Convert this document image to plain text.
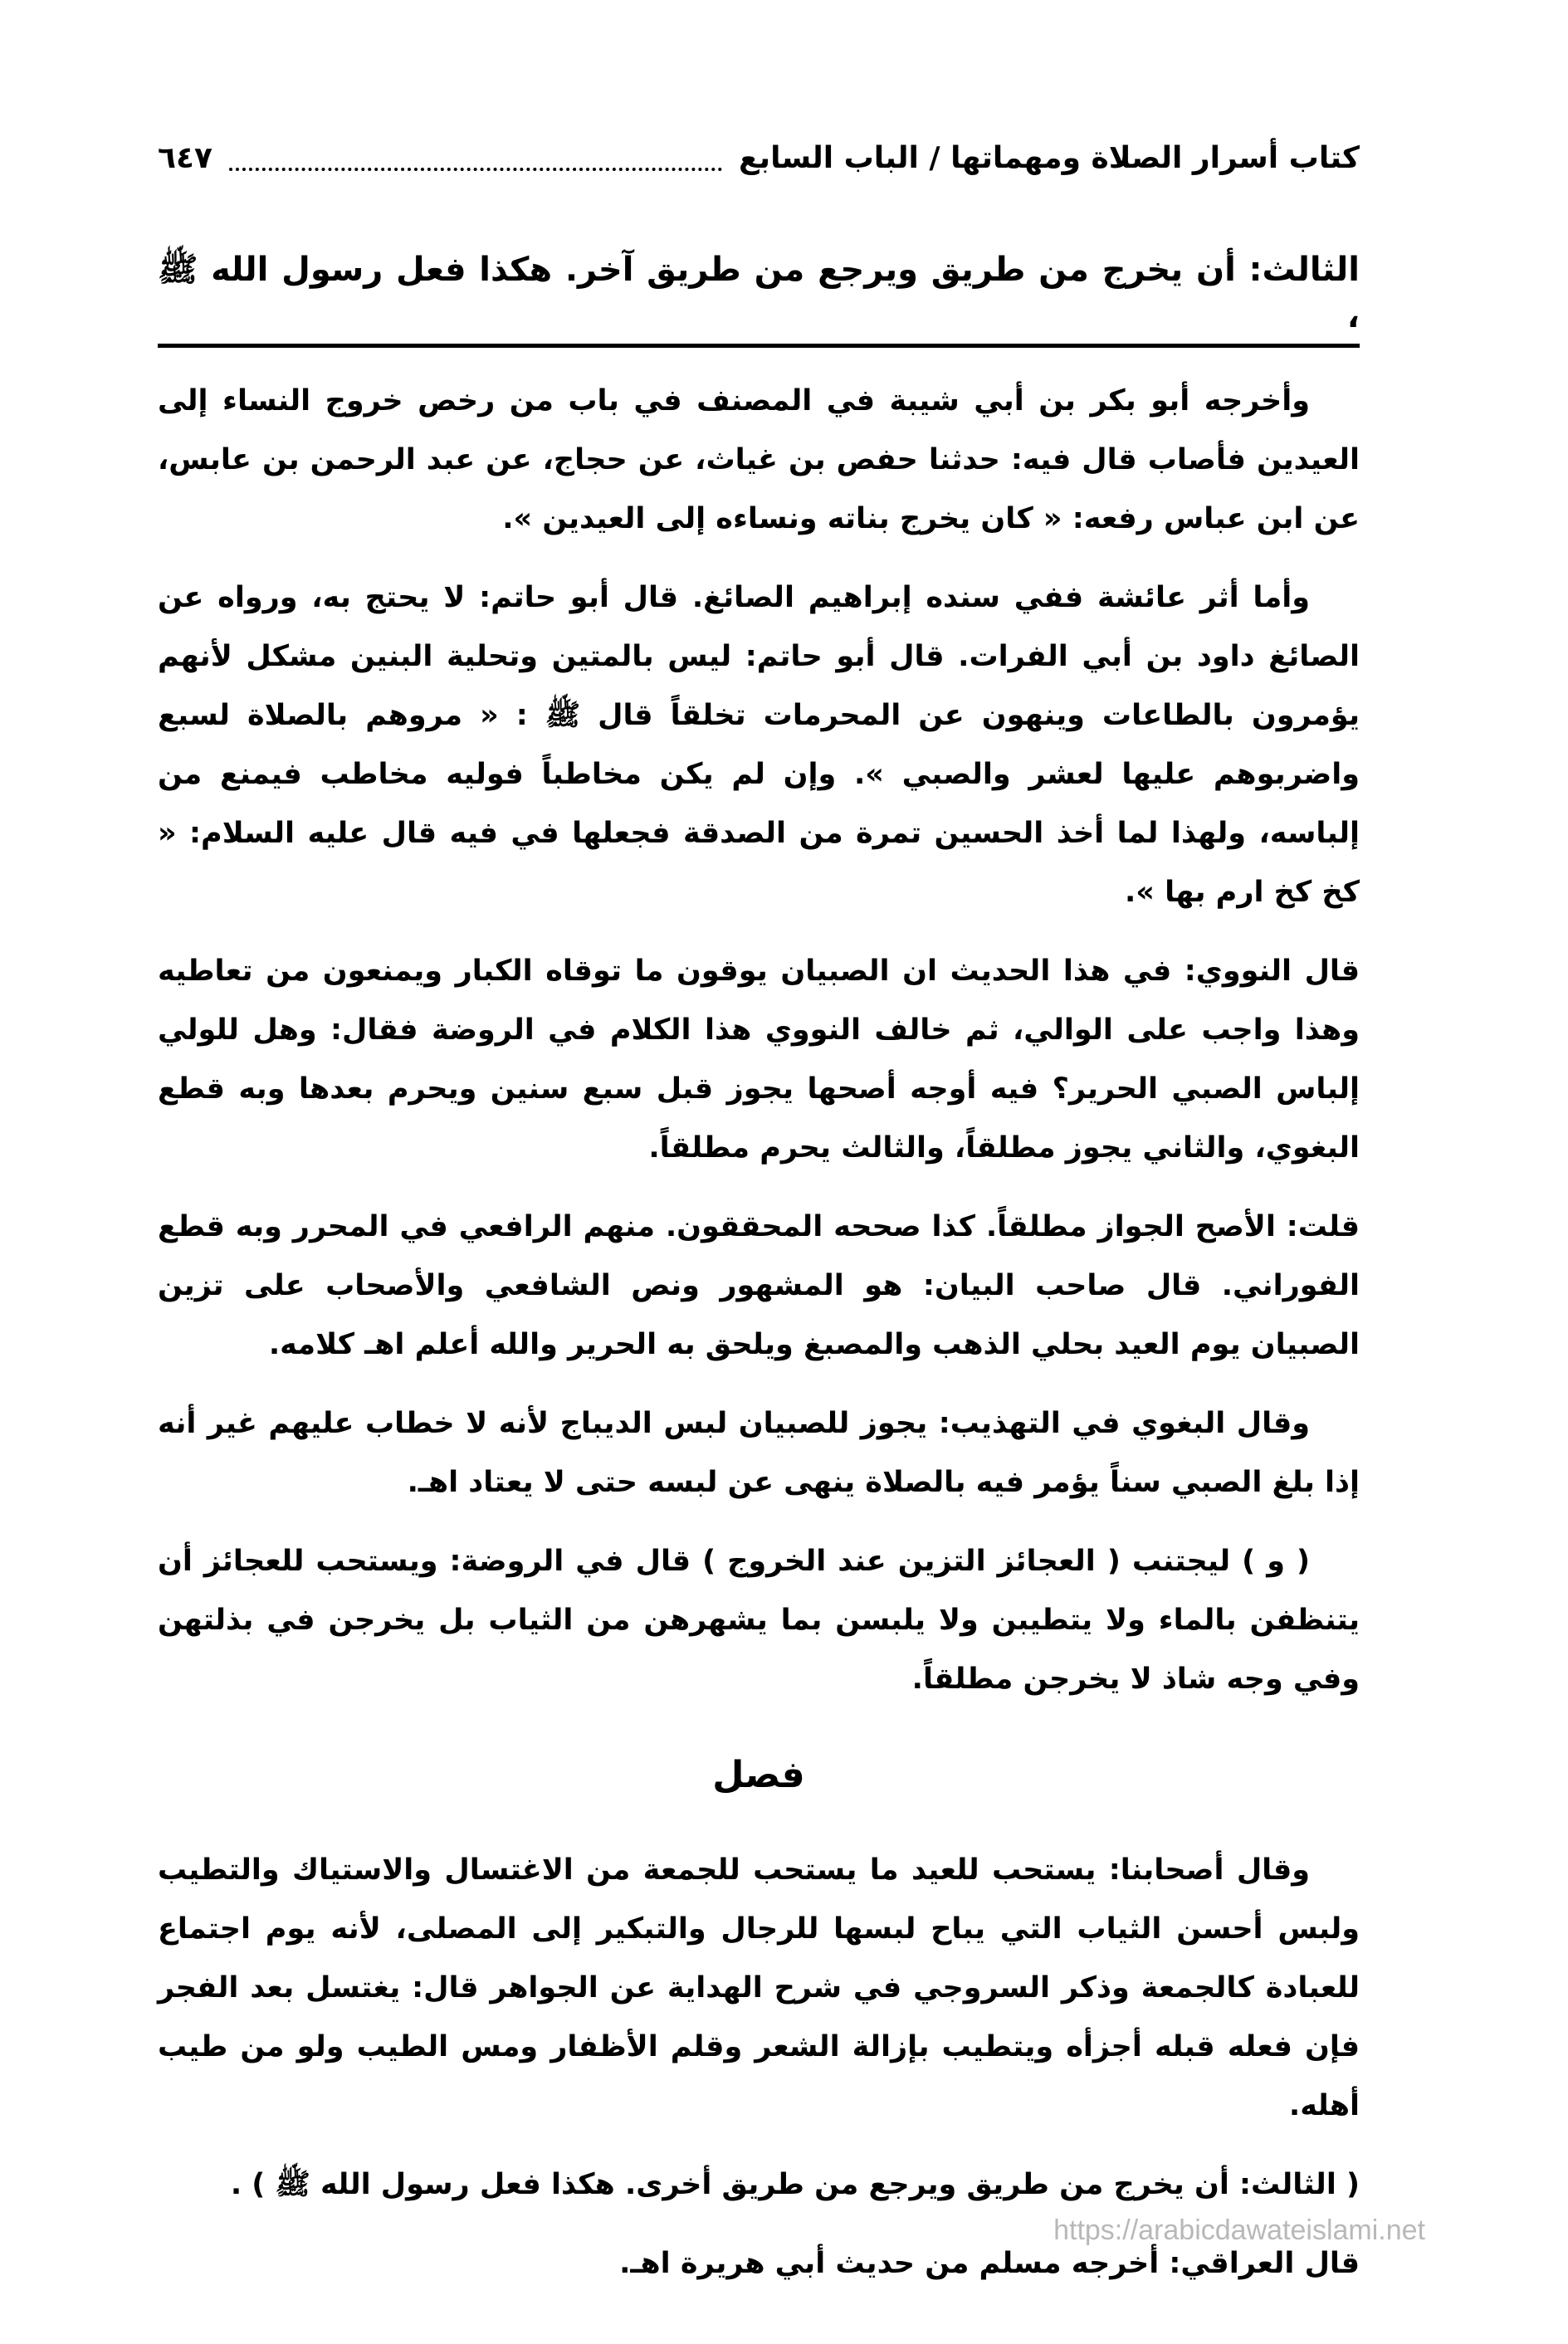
كتاب أسرار الصلاة ومهماتها / الباب السابع
٦٤٧
الثالث: أن يخرج من طريق ويرجع من طريق آخر. هكذا فعل رسول الله ﷺ ،

وأخرجه أبو بكر بن أبي شيبة في المصنف في باب من رخص خروج النساء إلى العيدين فأصاب قال فيه: حدثنا حفص بن غياث، عن حجاج، عن عبد الرحمن بن عابس، عن ابن عباس رفعه: « كان يخرج بناته ونساءه إلى العيدين ».

وأما أثر عائشة ففي سنده إبراهيم الصائغ. قال أبو حاتم: لا يحتج به، ورواه عن الصائغ داود بن أبي الفرات. قال أبو حاتم: ليس بالمتين وتحلية البنين مشكل لأنهم يؤمرون بالطاعات وينهون عن المحرمات تخلقاً قال ﷺ : « مروهم بالصلاة لسبع واضربوهم عليها لعشر والصبي ». وإن لم يكن مخاطباً فوليه مخاطب فيمنع من إلباسه، ولهذا لما أخذ الحسين تمرة من الصدقة فجعلها في فيه قال عليه السلام: « كخ كخ ارم بها ».

قال النووي: في هذا الحديث ان الصبيان يوقون ما توقاه الكبار ويمنعون من تعاطيه وهذا واجب على الوالي، ثم خالف النووي هذا الكلام في الروضة فقال: وهل للولي إلباس الصبي الحرير؟ فيه أوجه أصحها يجوز قبل سبع سنين ويحرم بعدها وبه قطع البغوي، والثاني يجوز مطلقاً، والثالث يحرم مطلقاً.

قلت: الأصح الجواز مطلقاً. كذا صححه المحققون. منهم الرافعي في المحرر وبه قطع الفوراني. قال صاحب البيان: هو المشهور ونص الشافعي والأصحاب على تزين الصبيان يوم العيد بحلي الذهب والمصبغ ويلحق به الحرير والله أعلم اهـ كلامه.

وقال البغوي في التهذيب: يجوز للصبيان لبس الديباج لأنه لا خطاب عليهم غير أنه إذا بلغ الصبي سناً يؤمر فيه بالصلاة ينهى عن لبسه حتى لا يعتاد اهـ.

( و ) ليجتنب ( العجائز التزين عند الخروج ) قال في الروضة: ويستحب للعجائز أن يتنظفن بالماء ولا يتطيبن ولا يلبسن بما يشهرهن من الثياب بل يخرجن في بذلتهن وفي وجه شاذ لا يخرجن مطلقاً.

فصل

وقال أصحابنا: يستحب للعيد ما يستحب للجمعة من الاغتسال والاستياك والتطيب ولبس أحسن الثياب التي يباح لبسها للرجال والتبكير إلى المصلى، لأنه يوم اجتماع للعبادة كالجمعة وذكر السروجي في شرح الهداية عن الجواهر قال: يغتسل بعد الفجر فإن فعله قبله أجزأه ويتطيب بإزالة الشعر وقلم الأظفار ومس الطيب ولو من طيب أهله.

( الثالث: أن يخرج من طريق ويرجع من طريق أخرى. هكذا فعل رسول الله ﷺ ) .

قال العراقي: أخرجه مسلم من حديث أبي هريرة اهـ.

https://arabicdawateislami.net
